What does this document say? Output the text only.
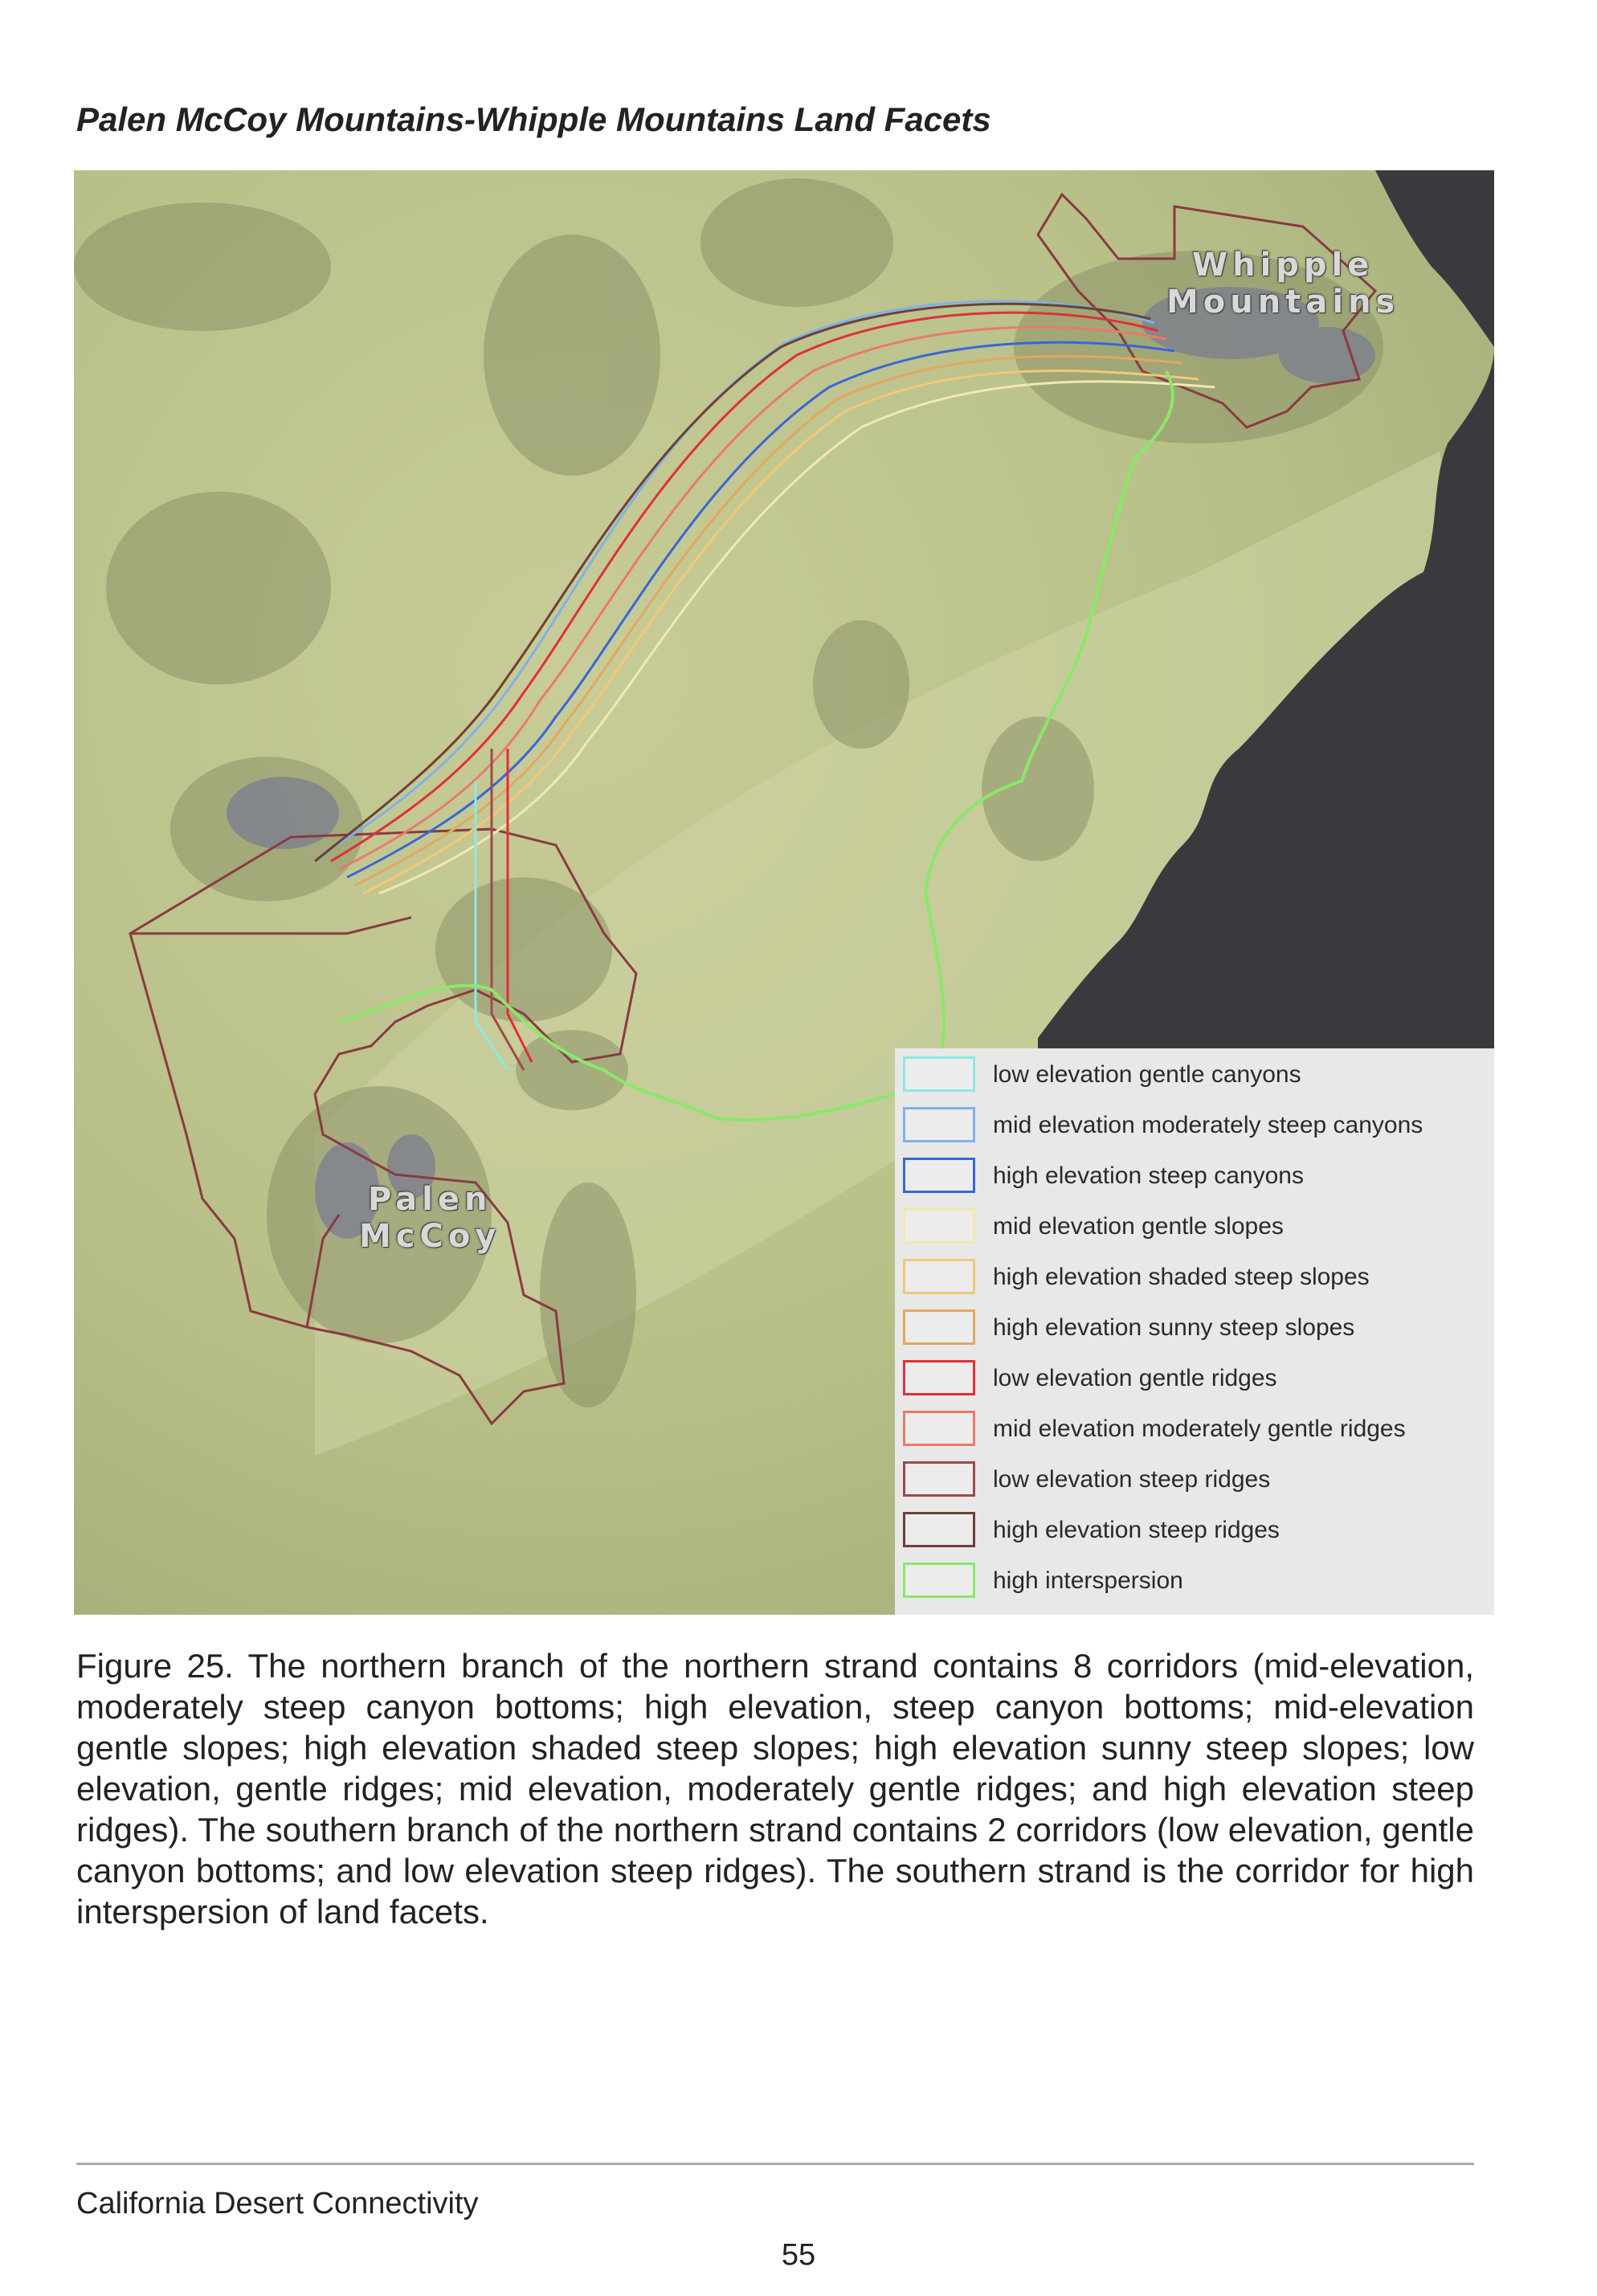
Palen McCoy Mountains-Whipple Mountains Land Facets
Whipple
Mountains
Palen
McCoy
low elevation gentle canyons
mid elevation moderately steep canyons
high elevation steep canyons
mid elevation gentle slopes
high elevation shaded steep slopes
high elevation sunny steep slopes
low elevation gentle ridges
mid elevation moderately gentle ridges
low elevation steep ridges
high elevation steep ridges
high interspersion

Figure 25. The northern branch of the northern strand contains 8 corridors (mid-elevation, moderately steep canyon bottoms; high elevation, steep canyon bottoms; mid-elevation gentle slopes; high elevation shaded steep slopes; high elevation sunny steep slopes; low elevation, gentle ridges; mid elevation, moderately gentle ridges; and high elevation steep ridges). The southern branch of the northern strand contains 2 corridors (low elevation, gentle canyon bottoms; and low elevation steep ridges). The southern strand is the corridor for high interspersion of land facets.

California Desert Connectivity
55
